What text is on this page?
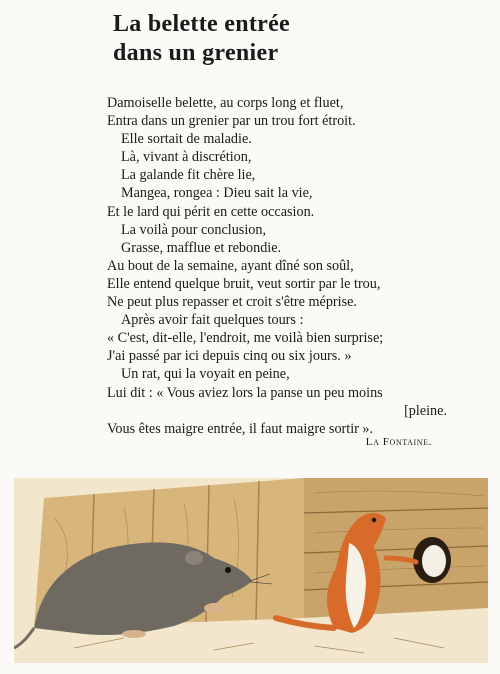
La belette entrée
dans un grenier
Damoiselle belette, au corps long et fluet,
Entra dans un grenier par un trou fort étroit.
Elle sortait de maladie.
Là, vivant à discrétion,
La galande fit chère lie,
Mangea, rongea : Dieu sait la vie,
Et le lard qui périt en cette occasion.
La voilà pour conclusion,
Grasse, mafflue et rebondie.
Au bout de la semaine, ayant dîné son soûl,
Elle entend quelque bruit, veut sortir par le trou,
Ne peut plus repasser et croit s'être méprise.
Après avoir fait quelques tours :
« C'est, dit-elle, l'endroit, me voilà bien surprise;
J'ai passé par ici depuis cinq ou six jours. »
Un rat, qui la voyait en peine,
Lui dit : « Vous aviez lors la panse un peu moins
[pleine.
Vous êtes maigre entrée, il faut maigre sortir ».
La Fontaine.
